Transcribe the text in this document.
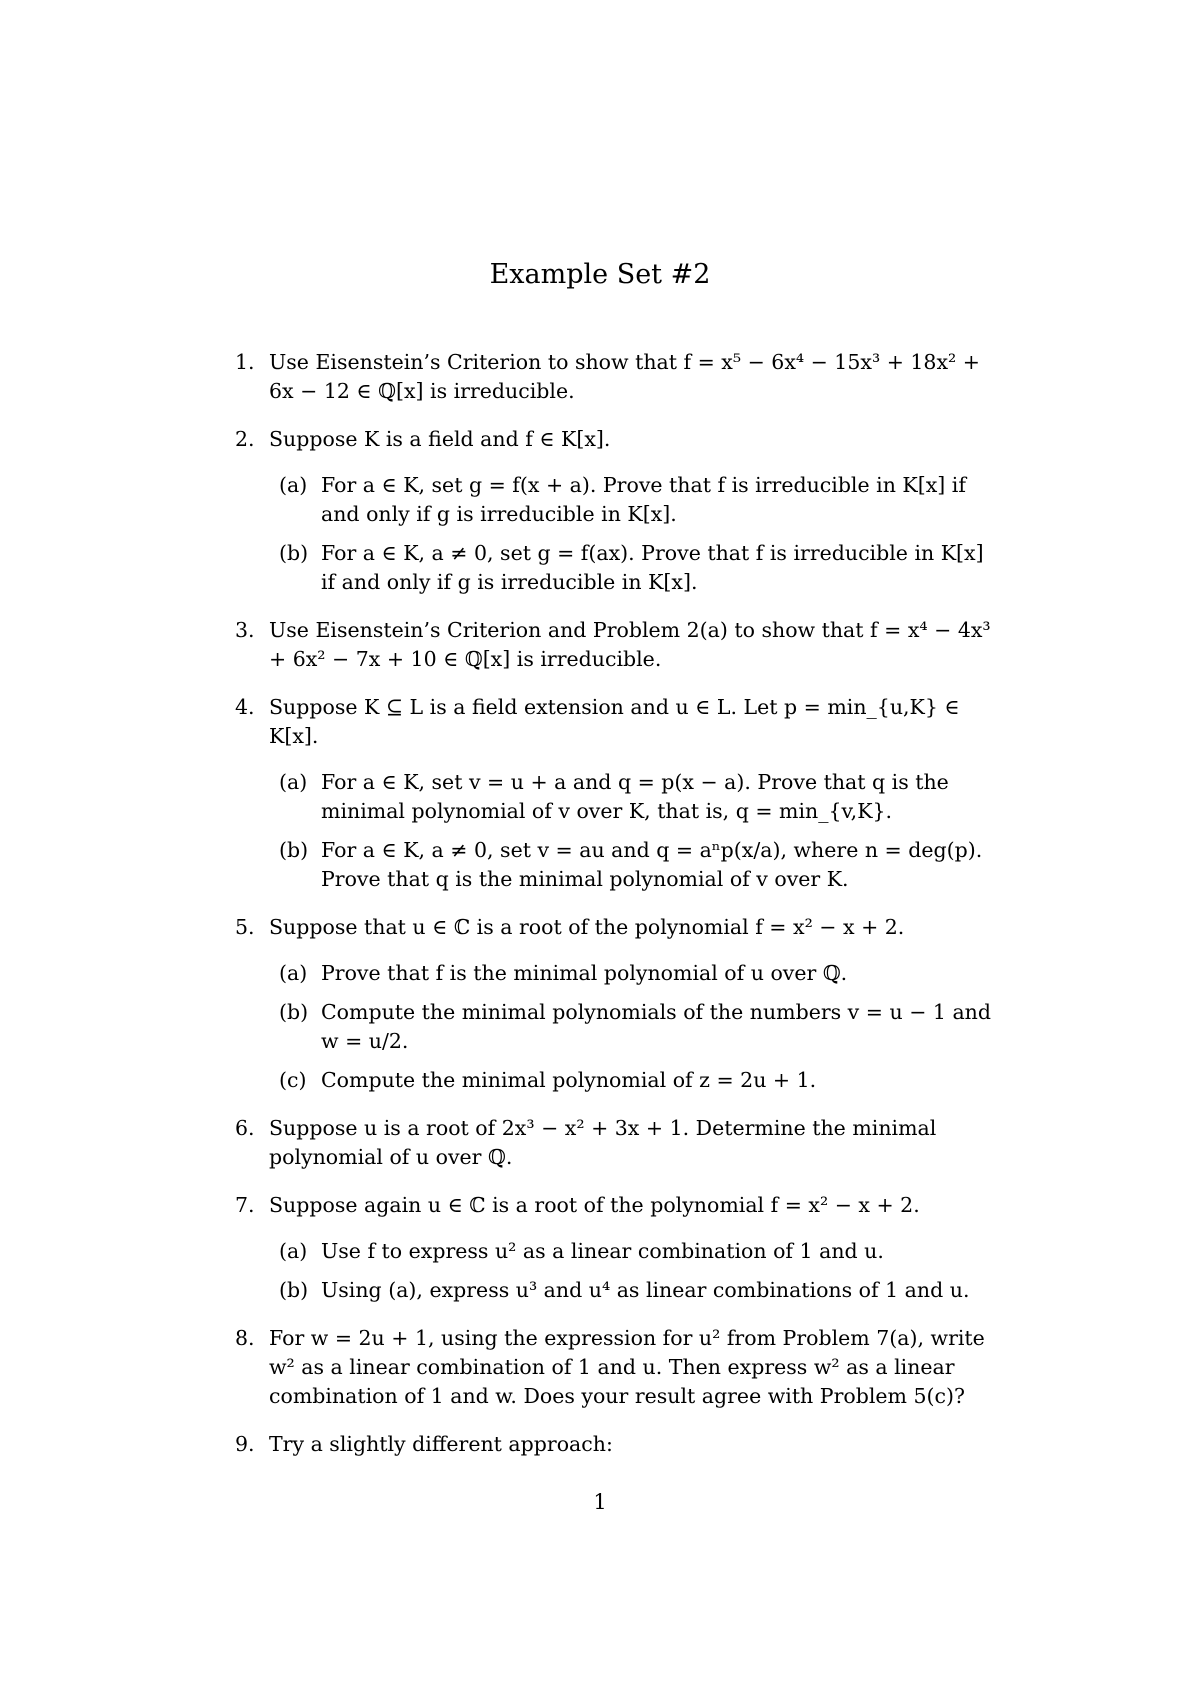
Example Set #2
1. Use Eisenstein’s Criterion to show that f = x⁵ − 6x⁴ − 15x³ + 18x² + 6x − 12 ∈ ℚ[x] is irreducible.
2. Suppose K is a field and f ∈ K[x].
(a) For a ∈ K, set g = f(x + a). Prove that f is irreducible in K[x] if and only if g is irreducible in K[x].
(b) For a ∈ K, a ≠ 0, set g = f(ax). Prove that f is irreducible in K[x] if and only if g is irreducible in K[x].
3. Use Eisenstein’s Criterion and Problem 2(a) to show that f = x⁴ − 4x³ + 6x² − 7x + 10 ∈ ℚ[x] is irreducible.
4. Suppose K ⊆ L is a field extension and u ∈ L. Let p = min_{u,K} ∈ K[x].
(a) For a ∈ K, set v = u + a and q = p(x − a). Prove that q is the minimal polynomial of v over K, that is, q = min_{v,K}.
(b) For a ∈ K, a ≠ 0, set v = au and q = aⁿp(x/a), where n = deg(p). Prove that q is the minimal polynomial of v over K.
5. Suppose that u ∈ ℂ is a root of the polynomial f = x² − x + 2.
(a) Prove that f is the minimal polynomial of u over ℚ.
(b) Compute the minimal polynomials of the numbers v = u − 1 and w = u/2.
(c) Compute the minimal polynomial of z = 2u + 1.
6. Suppose u is a root of 2x³ − x² + 3x + 1. Determine the minimal polynomial of u over ℚ.
7. Suppose again u ∈ ℂ is a root of the polynomial f = x² − x + 2.
(a) Use f to express u² as a linear combination of 1 and u.
(b) Using (a), express u³ and u⁴ as linear combinations of 1 and u.
8. For w = 2u + 1, using the expression for u² from Problem 7(a), write w² as a linear combination of 1 and u. Then express w² as a linear combination of 1 and w. Does your result agree with Problem 5(c)?
9. Try a slightly different approach:
1
